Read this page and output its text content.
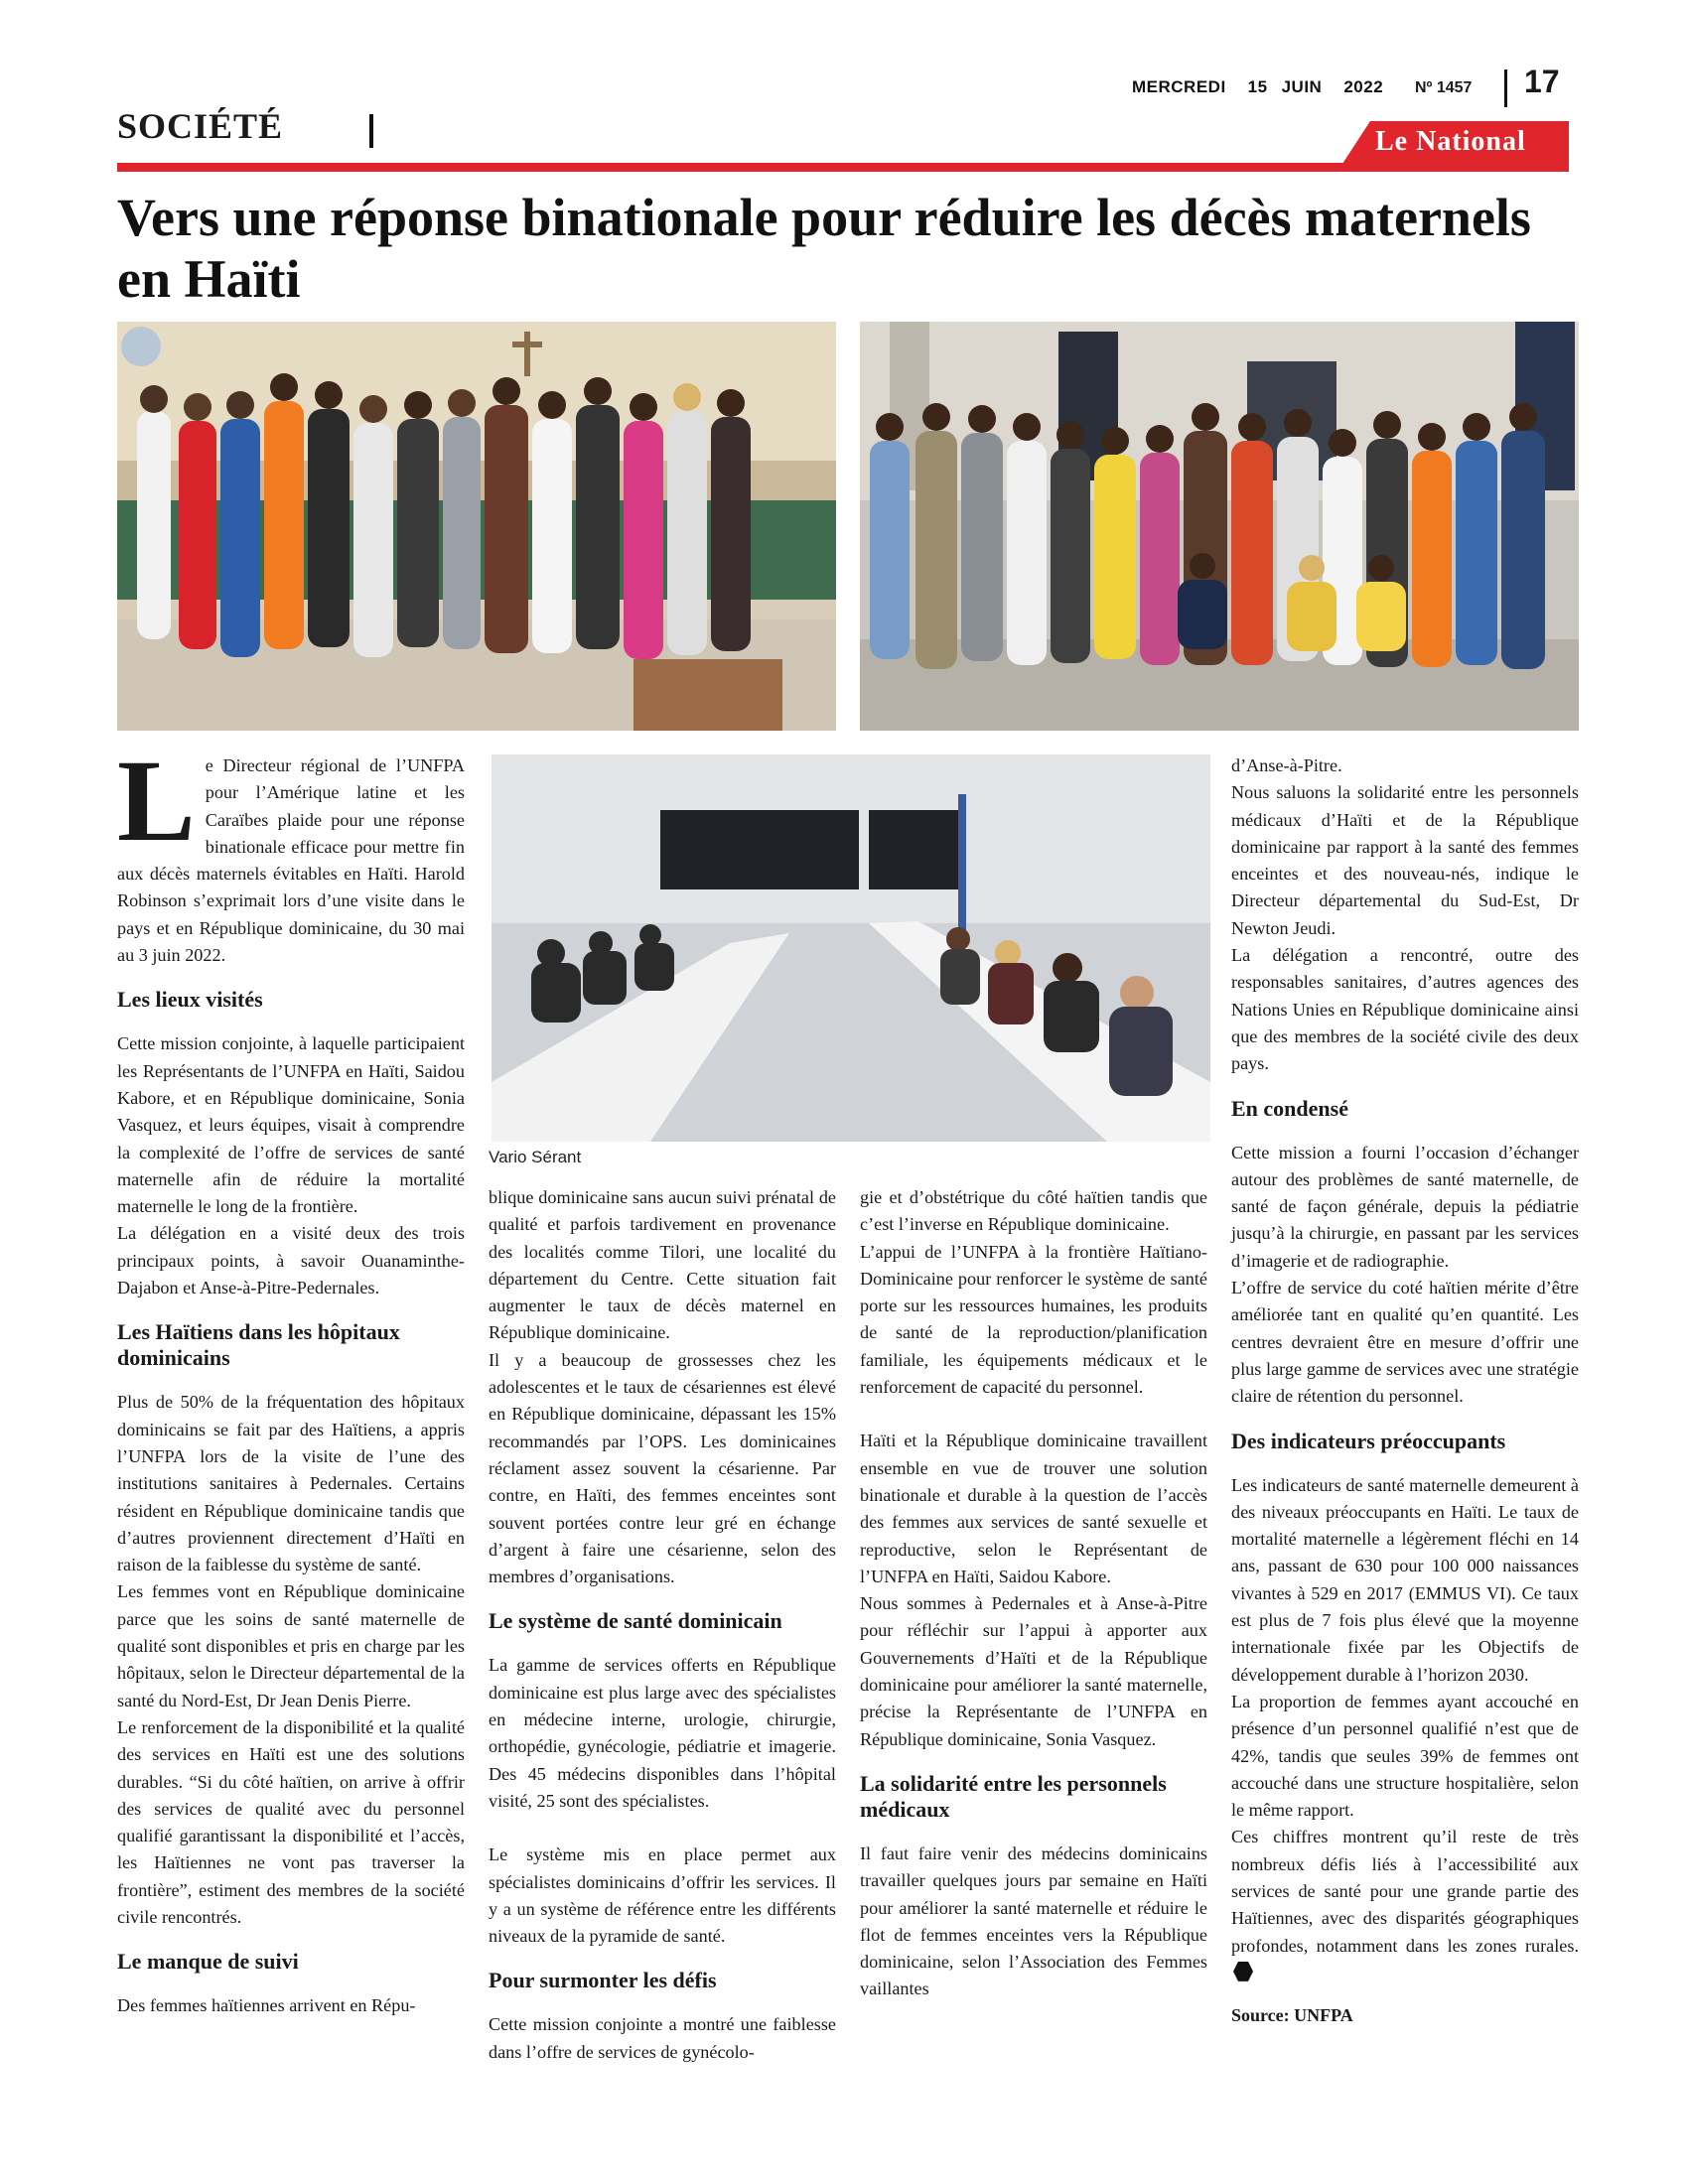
MERCREDI 15 JUIN 2022	Nº 1457 17
SOCIÉTÉ	Le National
Vers une réponse binationale pour réduire les décès maternels en Haïti
Vario Sérant

Le Directeur régional de l’UNFPA pour l’Amérique latine et les Caraïbes plaide pour une réponse binationale efficace pour mettre fin aux décès maternels évitables en Haïti. Harold Robinson s’exprimait lors d’une visite dans le pays et en République dominicaine, du 30 mai au 3 juin 2022.

Les lieux visités

Cette mission conjointe, à laquelle participaient les Représentants de l’UNFPA en Haïti, Saidou Kabore, et en République dominicaine, Sonia Vasquez, et leurs équipes, visait à comprendre la complexité de l’offre de services de santé maternelle afin de réduire la mortalité maternelle le long de la frontière.

La délégation en a visité deux des trois principaux points, à savoir Ouanaminthe-Dajabon et Anse-à-Pitre-Pedernales.

Les Haïtiens dans les hôpitaux dominicains

Plus de 50% de la fréquentation des hôpitaux dominicains se fait par des Haïtiens, a appris l’UNFPA lors de la visite de l’une des institutions sanitaires à Pedernales. Certains résident en République dominicaine tandis que d’autres proviennent directement d’Haïti en raison de la faiblesse du système de santé.

Les femmes vont en République dominicaine parce que les soins de santé maternelle de qualité sont disponibles et pris en charge par les hôpitaux, selon le Directeur départemental de la santé du Nord-Est, Dr Jean Denis Pierre.

Le renforcement de la disponibilité et la qualité des services en Haïti est une des solutions durables. “Si du côté haïtien, on arrive à offrir des services de qualité avec du personnel qualifié garantissant la disponibilité et l’accès, les Haïtiennes ne vont pas traverser la frontière”, estiment des membres de la société civile rencontrés.

Le manque de suivi

Des femmes haïtiennes arrivent en Répu-

blique dominicaine sans aucun suivi prénatal de qualité et parfois tardivement en provenance des localités comme Tilori, une localité du département du Centre. Cette situation fait augmenter le taux de décès maternel en République dominicaine.

Il y a beaucoup de grossesses chez les adolescentes et le taux de césariennes est élevé en République dominicaine, dépassant les 15% recommandés par l’OPS. Les dominicaines réclament assez souvent la césarienne. Par contre, en Haïti, des femmes enceintes sont souvent portées contre leur gré en échange d’argent à faire une césarienne, selon des membres d’organisations.

Le système de santé dominicain

La gamme de services offerts en République dominicaine est plus large avec des spécialistes en médecine interne, urologie, chirurgie, orthopédie, gynécologie, pédiatrie et imagerie. Des 45 médecins disponibles dans l’hôpital visité, 25 sont des spécialistes.

Le système mis en place permet aux spécialistes dominicains d’offrir les services. Il y a un système de référence entre les différents niveaux de la pyramide de santé.

Pour surmonter les défis

Cette mission conjointe a montré une faiblesse dans l’offre de services de gynécolo-

gie et d’obstétrique du côté haïtien tandis que c’est l’inverse en République dominicaine.

L’appui de l’UNFPA à la frontière Haïtiano-Dominicaine pour renforcer le système de santé porte sur les ressources humaines, les produits de santé de la reproduction/planification familiale, les équipements médicaux et le renforcement de capacité du personnel.

Haïti et la République dominicaine travaillent ensemble en vue de trouver une solution binationale et durable à la question de l’accès des femmes aux services de santé sexuelle et reproductive, selon le Représentant de l’UNFPA en Haïti, Saidou Kabore.

Nous sommes à Pedernales et à Anse-à-Pitre pour réfléchir sur l’appui à apporter aux Gouvernements d’Haïti et de la République dominicaine pour améliorer la santé maternelle, précise la Représentante de l’UNFPA en République dominicaine, Sonia Vasquez.

La solidarité entre les personnels médicaux

Il faut faire venir des médecins dominicains travailler quelques jours par semaine en Haïti pour améliorer la santé maternelle et réduire le flot de femmes enceintes vers la République dominicaine, selon l’Association des Femmes vaillantes

d’Anse-à-Pitre.

Nous saluons la solidarité entre les personnels médicaux d’Haïti et de la République dominicaine par rapport à la santé des femmes enceintes et des nouveau-nés, indique le Directeur départemental du Sud-Est, Dr Newton Jeudi.

La délégation a rencontré, outre des responsables sanitaires, d’autres agences des Nations Unies en République dominicaine ainsi que des membres de la société civile des deux pays.

En condensé

Cette mission a fourni l’occasion d’échanger autour des problèmes de santé maternelle, de santé de façon générale, depuis la pédiatrie jusqu’à la chirurgie, en passant par les services d’imagerie et de radiographie.

L’offre de service du coté haïtien mérite d’être améliorée tant en qualité qu’en quantité. Les centres devraient être en mesure d’offrir une plus large gamme de services avec une stratégie claire de rétention du personnel.

Des indicateurs préoccupants

Les indicateurs de santé maternelle demeurent à des niveaux préoccupants en Haïti. Le taux de mortalité maternelle a légèrement fléchi en 14 ans, passant de 630 pour 100 000 naissances vivantes à 529 en 2017 (EMMUS VI). Ce taux est plus de 7 fois plus élevé que la moyenne internationale fixée par les Objectifs de développement durable à l’horizon 2030.

La proportion de femmes ayant accouché en présence d’un personnel qualifié n’est que de 42%, tandis que seules 39% de femmes ont accouché dans une structure hospitalière, selon le même rapport.

Ces chiffres montrent qu’il reste de très nombreux défis liés à l’accessibilité aux services de santé pour une grande partie des Haïtiennes, avec des disparités géographiques profondes, notamment dans les zones rurales.

Source: UNFPA
